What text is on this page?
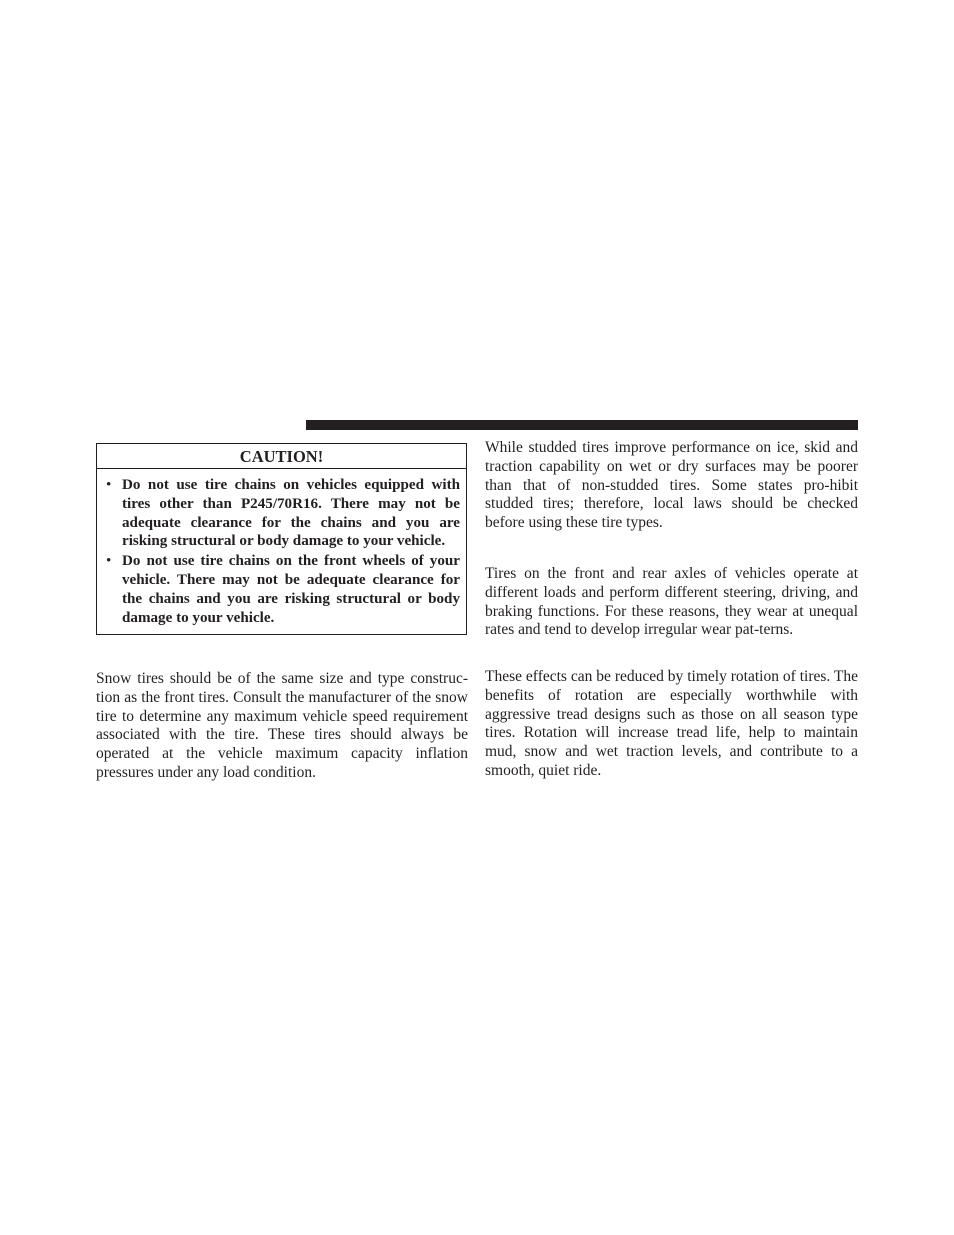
CAUTION!
• Do not use tire chains on vehicles equipped with tires other than P245/70R16. There may not be adequate clearance for the chains and you are risking structural or body damage to your vehicle.
• Do not use tire chains on the front wheels of your vehicle. There may not be adequate clearance for the chains and you are risking structural or body damage to your vehicle.

Snow tires should be of the same size and type construc-tion as the front tires. Consult the manufacturer of the snow tire to determine any maximum vehicle speed requirement associated with the tire. These tires should always be operated at the vehicle maximum capacity inflation pressures under any load condition.

While studded tires improve performance on ice, skid and traction capability on wet or dry surfaces may be poorer than that of non-studded tires. Some states pro-hibit studded tires; therefore, local laws should be checked before using these tire types.

Tires on the front and rear axles of vehicles operate at different loads and perform different steering, driving, and braking functions. For these reasons, they wear at unequal rates and tend to develop irregular wear pat-terns.

These effects can be reduced by timely rotation of tires. The benefits of rotation are especially worthwhile with aggressive tread designs such as those on all season type tires. Rotation will increase tread life, help to maintain mud, snow and wet traction levels, and contribute to a smooth, quiet ride.
